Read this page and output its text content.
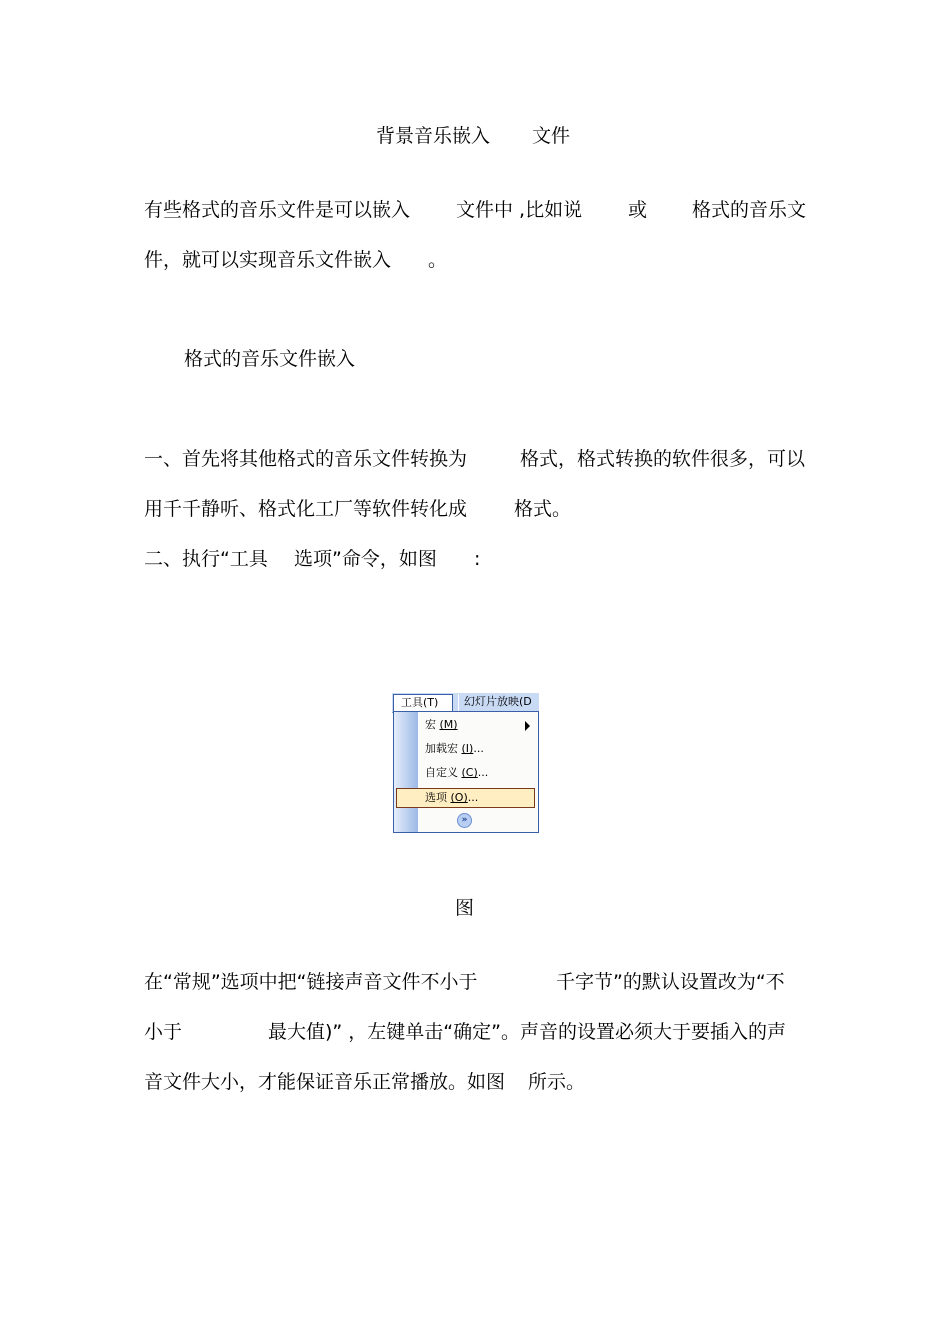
背景音乐嵌入 文件
有些格式的音乐文件是可以嵌入 文件中 ,比如说 或 格式的音乐文
件，就可以实现音乐文件嵌入 。
格式的音乐文件嵌入
一、首先将其他格式的音乐文件转换为	格式，格式转换的软件很多，可以
用千千静听、格式化工厂等软件转化成 格式。
二、执行“工具 选项”命令，如图 :
工具(T)	幻灯片放映(D
宏 (M)
加载宏 (I)...
自定义 (C)...
选项 (O)...
»
图
在“常规”选项中把“链接声音文件不小于	千字节”的默认设置改为“不
小于	最大值)” ，左键单击“确定”。声音的设置必须大于要插入的声
音文件大小，才能保证音乐正常播放。如图 所示。
